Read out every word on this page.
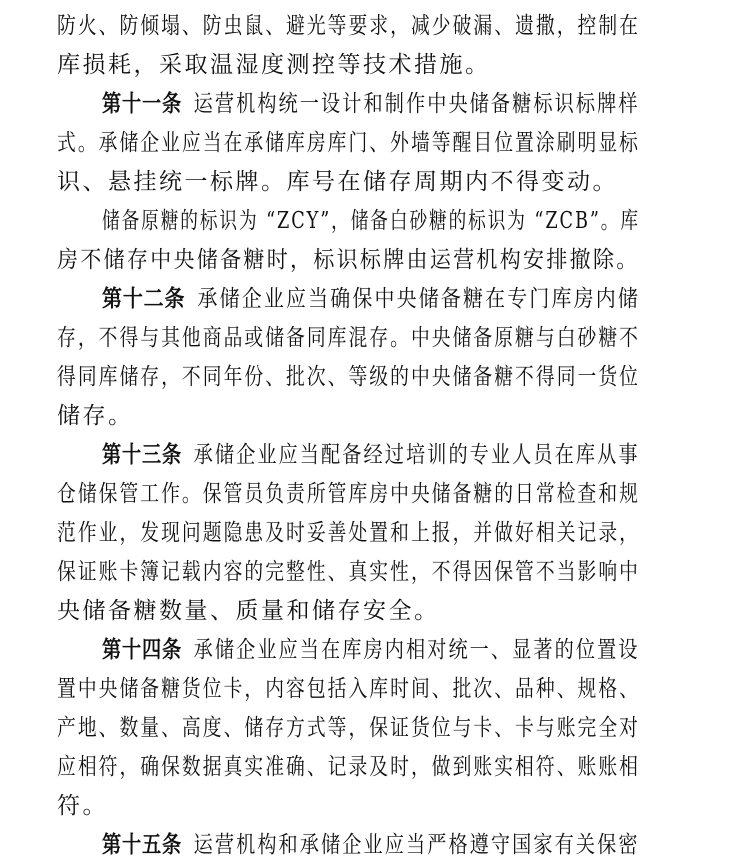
防火、防倾塌、防虫鼠、避光等要求，减少破漏、遗撒，控制在
库损耗，采取温湿度测控等技术措施。
第十一条 运营机构统一设计和制作中央储备糖标识标牌样
式。承储企业应当在承储库房库门、外墙等醒目位置涂刷明显标
识、悬挂统一标牌。库号在储存周期内不得变动。
储备原糖的标识为 “ZCY”，储备白砂糖的标识为 “ZCB”。库
房不储存中央储备糖时，标识标牌由运营机构安排撤除。
第十二条 承储企业应当确保中央储备糖在专门库房内储
存，不得与其他商品或储备同库混存。中央储备原糖与白砂糖不
得同库储存，不同年份、批次、等级的中央储备糖不得同一货位
储存。
第十三条 承储企业应当配备经过培训的专业人员在库从事
仓储保管工作。保管员负责所管库房中央储备糖的日常检查和规
范作业，发现问题隐患及时妥善处置和上报，并做好相关记录，
保证账卡簿记载内容的完整性、真实性，不得因保管不当影响中
央储备糖数量、质量和储存安全。
第十四条 承储企业应当在库房内相对统一、显著的位置设
置中央储备糖货位卡，内容包括入库时间、批次、品种、规格、
产地、数量、高度、储存方式等，保证货位与卡、卡与账完全对
应相符，确保数据真实准确、记录及时，做到账实相符、账账相
符。
第十五条 运营机构和承储企业应当严格遵守国家有关保密
